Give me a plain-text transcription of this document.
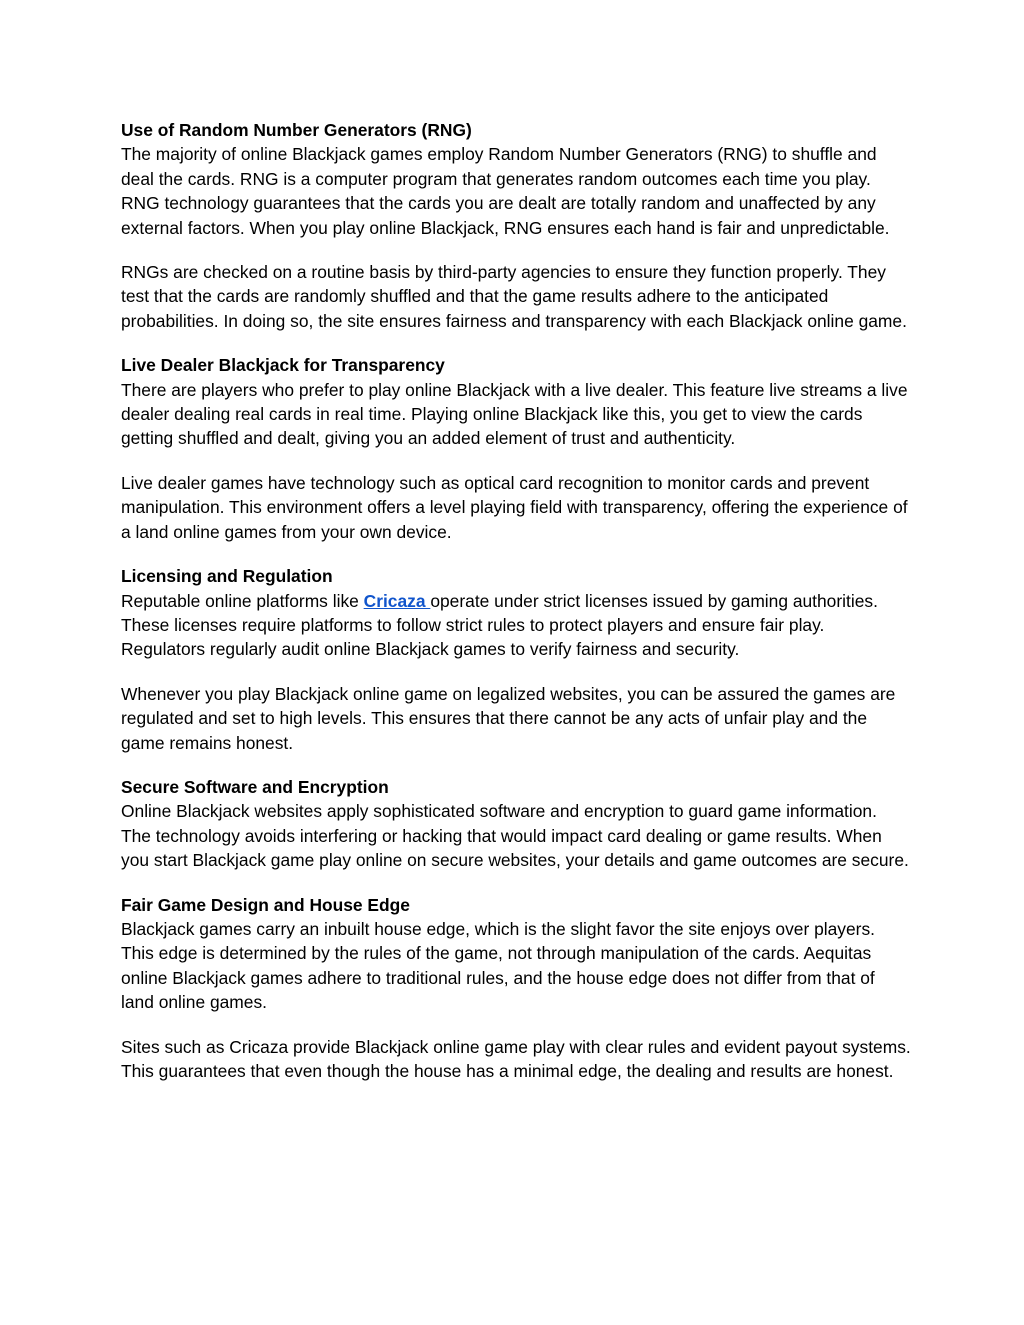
Use of Random Number Generators (RNG)

The majority of online Blackjack games employ Random Number Generators (RNG) to shuffle and deal the cards. RNG is a computer program that generates random outcomes each time you play. RNG technology guarantees that the cards you are dealt are totally random and unaffected by any external factors. When you play online Blackjack, RNG ensures each hand is fair and unpredictable.

RNGs are checked on a routine basis by third-party agencies to ensure they function properly. They test that the cards are randomly shuffled and that the game results adhere to the anticipated probabilities. In doing so, the site ensures fairness and transparency with each Blackjack online game.

Live Dealer Blackjack for Transparency

There are players who prefer to play online Blackjack with a live dealer. This feature live streams a live dealer dealing real cards in real time. Playing online Blackjack like this, you get to view the cards getting shuffled and dealt, giving you an added element of trust and authenticity.

Live dealer games have technology such as optical card recognition to monitor cards and prevent manipulation. This environment offers a level playing field with transparency, offering the experience of a land online games from your own device.

Licensing and Regulation

Reputable online platforms like Cricaza operate under strict licenses issued by gaming authorities. These licenses require platforms to follow strict rules to protect players and ensure fair play. Regulators regularly audit online Blackjack games to verify fairness and security.

Whenever you play Blackjack online game on legalized websites, you can be assured the games are regulated and set to high levels. This ensures that there cannot be any acts of unfair play and the game remains honest.

Secure Software and Encryption

Online Blackjack websites apply sophisticated software and encryption to guard game information. The technology avoids interfering or hacking that would impact card dealing or game results. When you start Blackjack game play online on secure websites, your details and game outcomes are secure.

Fair Game Design and House Edge

Blackjack games carry an inbuilt house edge, which is the slight favor the site enjoys over players. This edge is determined by the rules of the game, not through manipulation of the cards. Aequitas online Blackjack games adhere to traditional rules, and the house edge does not differ from that of land online games.

Sites such as Cricaza provide Blackjack online game play with clear rules and evident payout systems. This guarantees that even though the house has a minimal edge, the dealing and results are honest.
